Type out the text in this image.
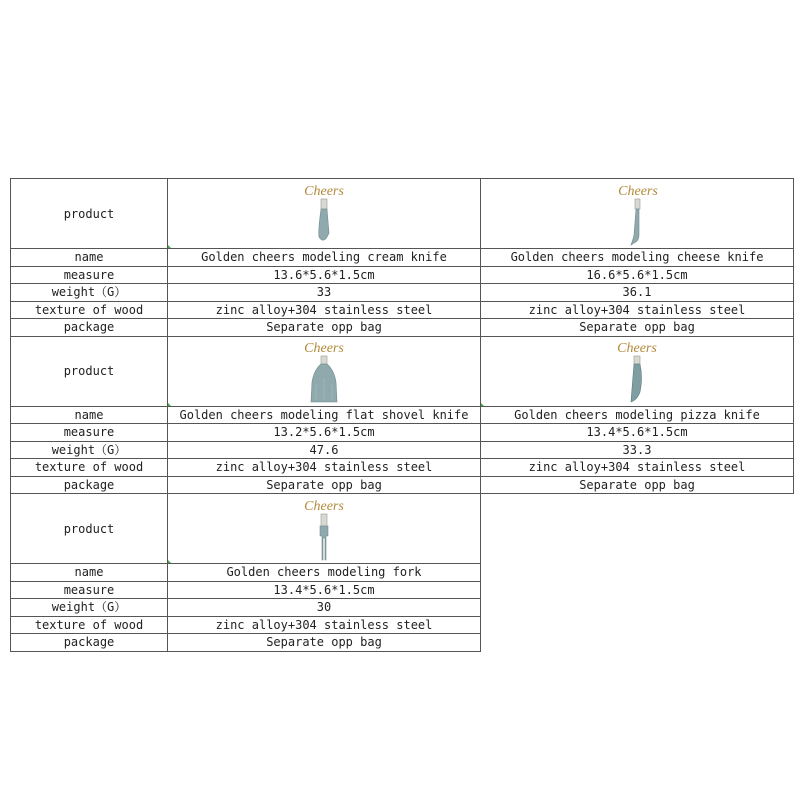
product	Cheers	Cheers

name	Golden cheers modeling cream knife	Golden cheers modeling cheese knife
measure	13.6*5.6*1.5cm	16.6*5.6*1.5cm
weight（G）	33	36.1
texture of wood	zinc alloy+304 stainless steel	zinc alloy+304 stainless steel
package	Separate opp bag	Separate opp bag
product	Cheers	Cheers

name	Golden cheers modeling flat shovel knife	Golden cheers modeling pizza knife
measure	13.2*5.6*1.5cm	13.4*5.6*1.5cm
weight（G）	47.6	33.3
texture of wood	zinc alloy+304 stainless steel	zinc alloy+304 stainless steel
package	Separate opp bag	Separate opp bag
product	Cheers	

name	Golden cheers modeling fork	
measure	13.4*5.6*1.5cm	
weight（G）	30	
texture of wood	zinc alloy+304 stainless steel	
package	Separate opp bag	
